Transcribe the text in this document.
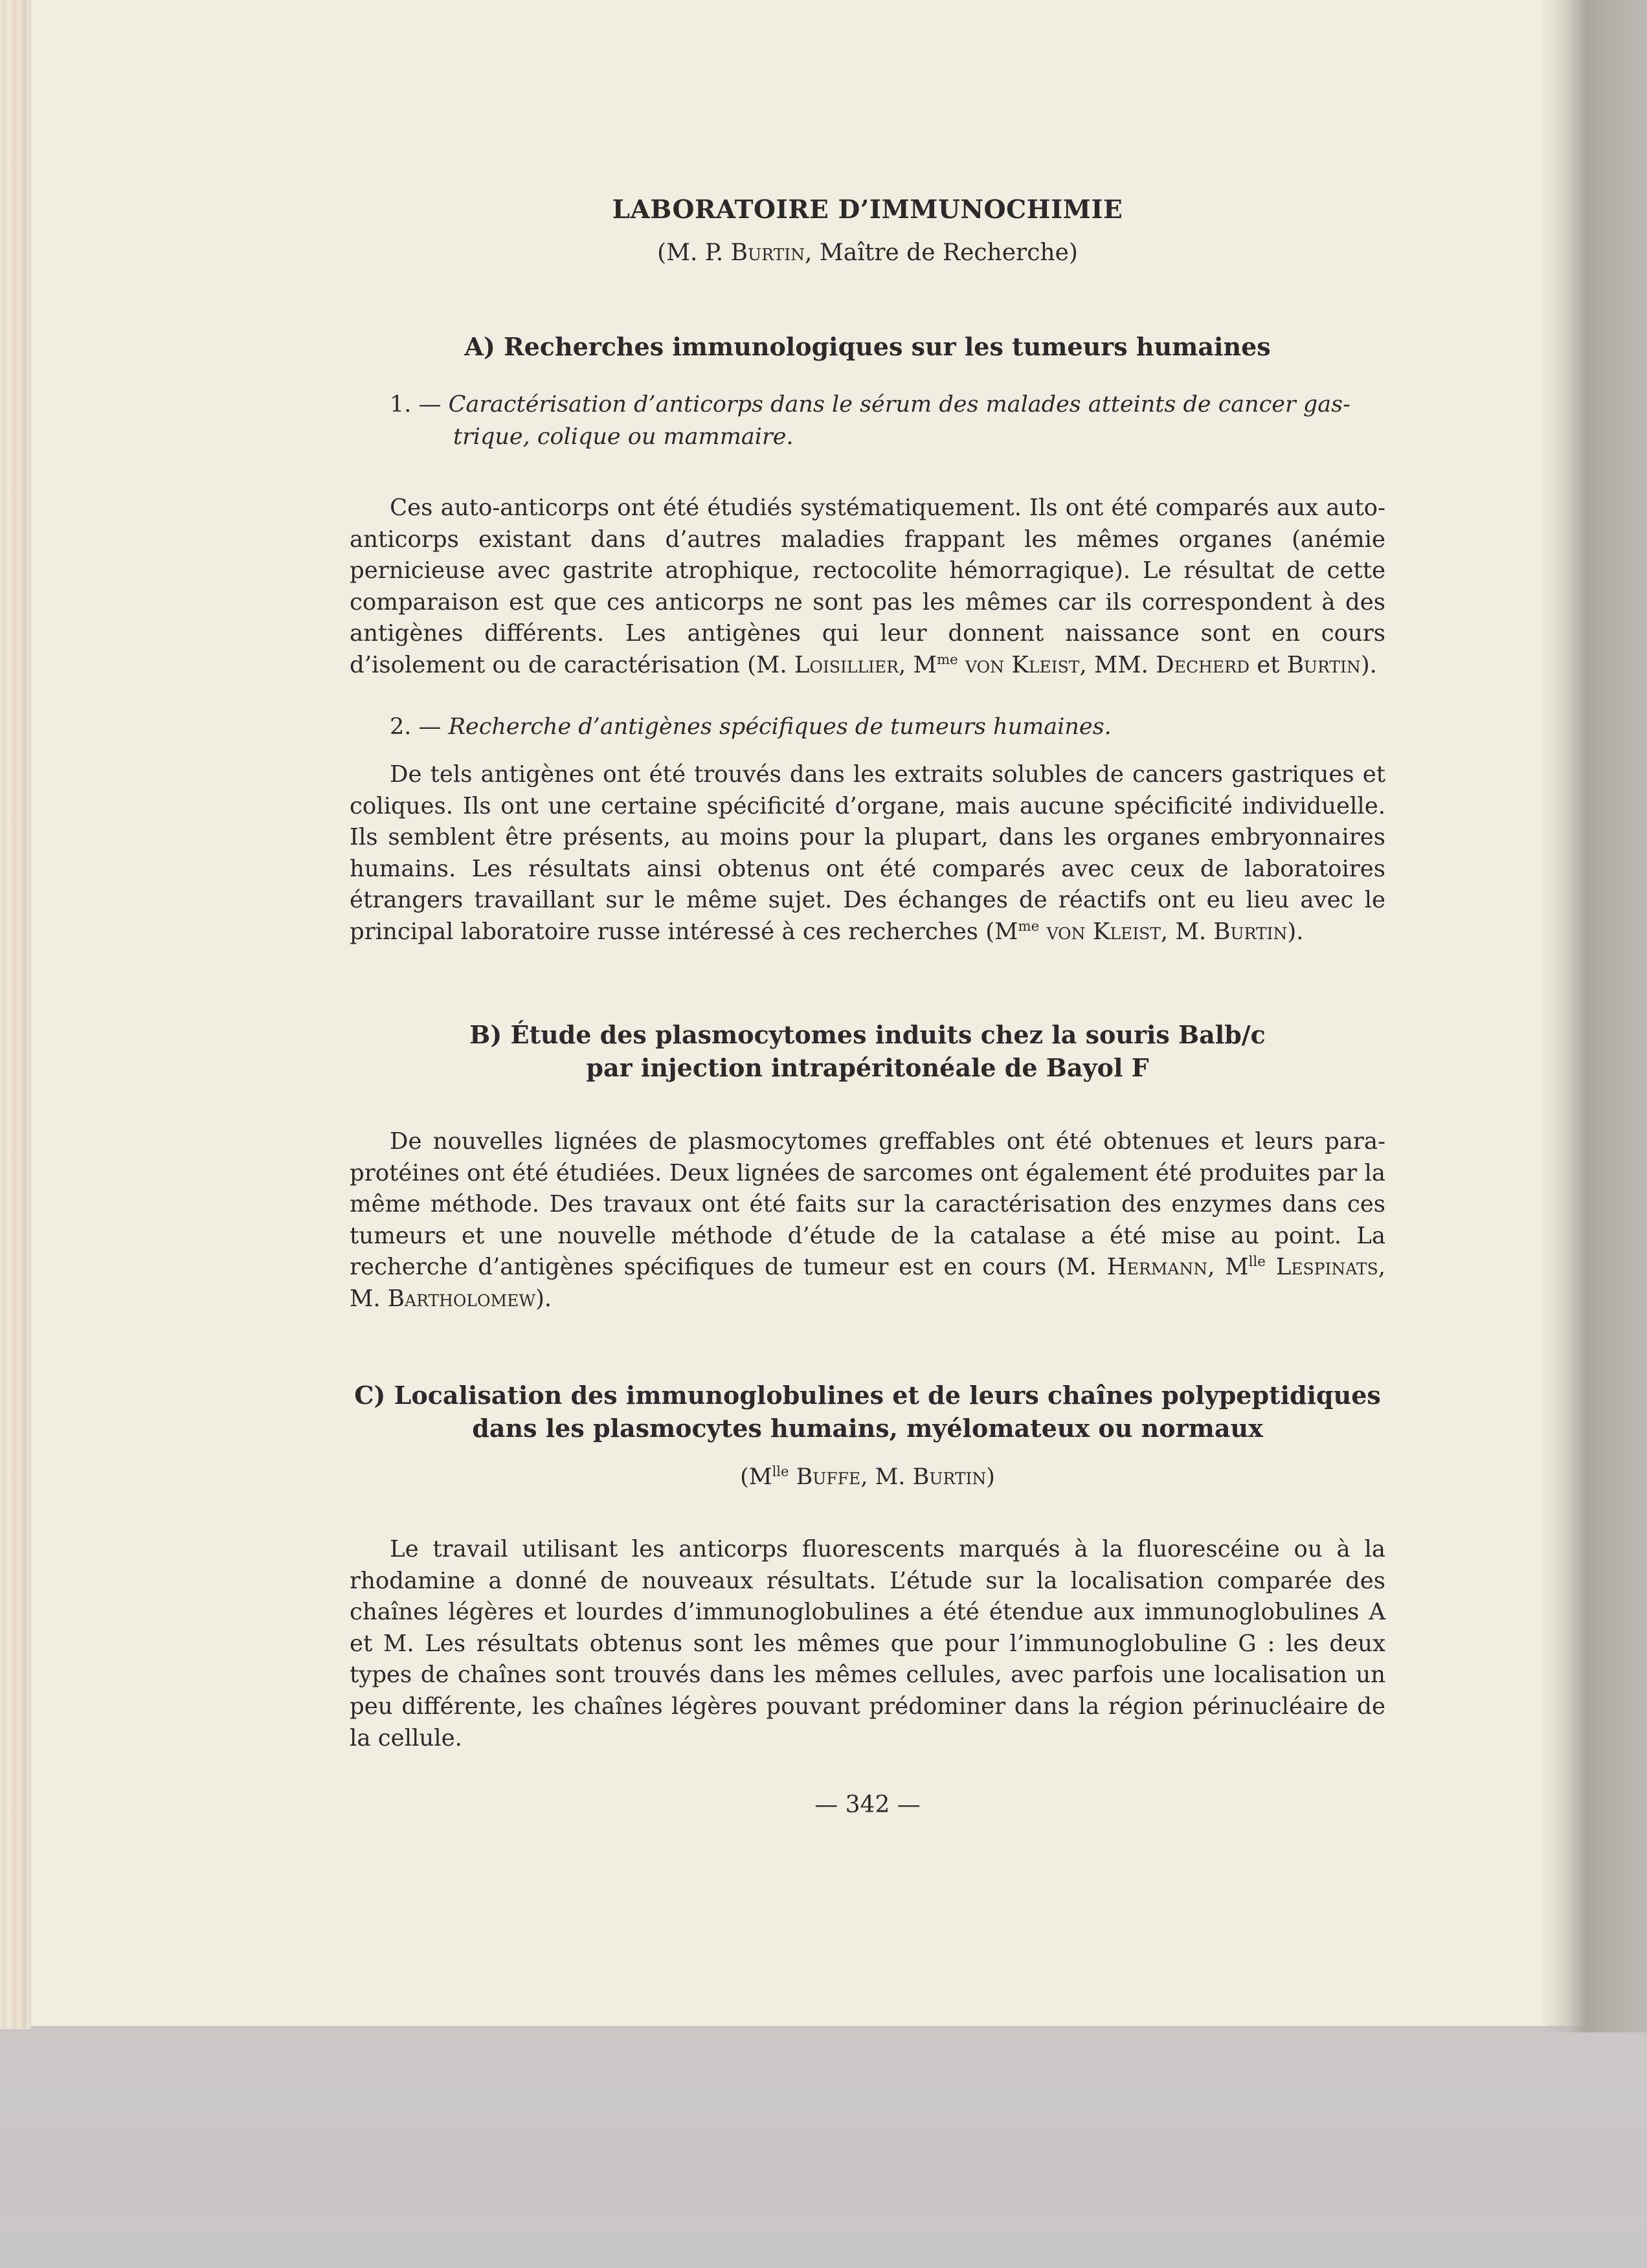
LABORATOIRE D’IMMUNOCHIMIE
(M. P. Burtin, Maître de Recherche)
A) Recherches immunologiques sur les tumeurs humaines
1. — Caractérisation d’anticorps dans le sérum des malades atteints de cancer gas-
trique, colique ou mammaire.
Ces auto-anticorps ont été étudiés systématiquement. Ils ont été comparés aux auto-anticorps existant dans d’autres maladies frappant les mêmes organes (anémie pernicieuse avec gastrite atrophique, rectocolite hémorragique). Le résultat de cette comparaison est que ces anticorps ne sont pas les mêmes car ils correspondent à des antigènes différents. Les antigènes qui leur donnent naissance sont en cours d’isolement ou de caractérisation (M. Loisillier, $M^{me}$ von Kleist, MM. Decherd et Burtin).
2. — Recherche d’antigènes spécifiques de tumeurs humaines.
De tels antigènes ont été trouvés dans les extraits solubles de cancers gastriques et coliques. Ils ont une certaine spécificité d’organe, mais aucune spécificité individuelle. Ils semblent être présents, au moins pour la plupart, dans les organes embryonnaires humains. Les résultats ainsi obtenus ont été comparés avec ceux de laboratoires étrangers travaillant sur le même sujet. Des échanges de réactifs ont eu lieu avec le principal laboratoire russe intéressé à ces recherches ($M^{me}$ von Kleist, M. Burtin).
B) Étude des plasmocytomes induits chez la souris Balb/c
par injection intrapéritonéale de Bayol F
De nouvelles lignées de plasmocytomes greffables ont été obtenues et leurs para-protéines ont été étudiées. Deux lignées de sarcomes ont également été produites par la même méthode. Des travaux ont été faits sur la caractérisation des enzymes dans ces tumeurs et une nouvelle méthode d’étude de la catalase a été mise au point. La recherche d’antigènes spécifiques de tumeur est en cours (M. Hermann, $M^{lle}$ Lespinats, M. Bartholomew).
C) Localisation des immunoglobulines et de leurs chaînes polypeptidiques
dans les plasmocytes humains, myélomateux ou normaux
($M^{lle}$ Buffe, M. Burtin)
Le travail utilisant les anticorps fluorescents marqués à la fluorescéine ou à la rhodamine a donné de nouveaux résultats. L’étude sur la localisation comparée des chaînes légères et lourdes d’immunoglobulines a été étendue aux immunoglobulines A et M. Les résultats obtenus sont les mêmes que pour l’immunoglobuline G : les deux types de chaînes sont trouvés dans les mêmes cellules, avec parfois une localisation un peu différente, les chaînes légères pouvant prédominer dans la région périnucléaire de la cellule.
— 342 —
